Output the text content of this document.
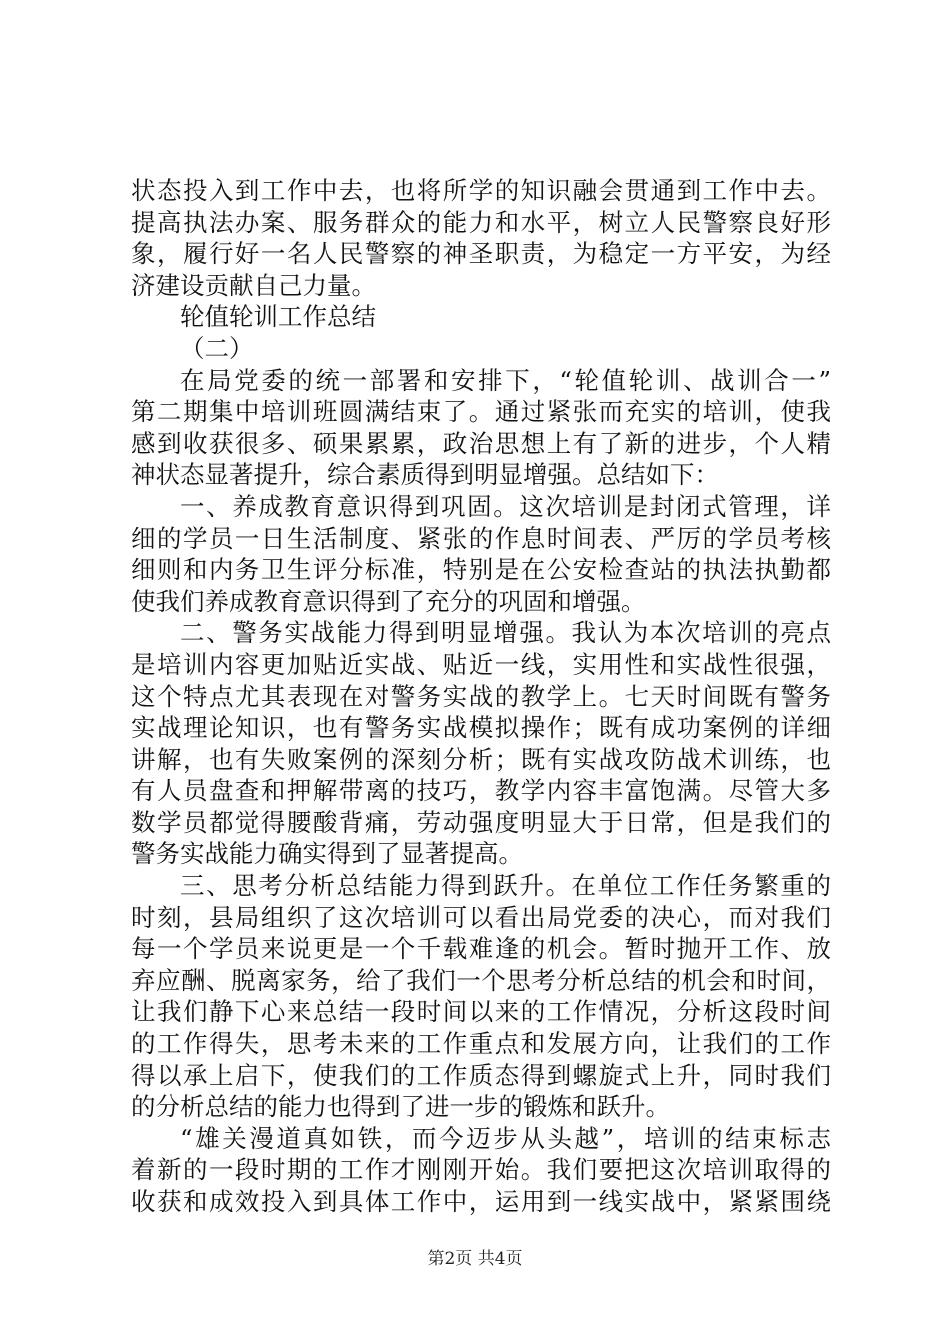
状态投入到工作中去，也将所学的知识融会贯通到工作中去。
提高执法办案、服务群众的能力和水平，树立人民警察良好形
象，履行好一名人民警察的神圣职责，为稳定一方平安，为经
济建设贡献自己力量。
轮值轮训工作总结
（二）
在局党委的统一部署和安排下，“轮值轮训、战训合一”
第二期集中培训班圆满结束了。通过紧张而充实的培训，使我
感到收获很多、硕果累累，政治思想上有了新的进步，个人精
神状态显著提升，综合素质得到明显增强。总结如下：
一、养成教育意识得到巩固。这次培训是封闭式管理，详
细的学员一日生活制度、紧张的作息时间表、严厉的学员考核
细则和内务卫生评分标准，特别是在公安检查站的执法执勤都
使我们养成教育意识得到了充分的巩固和增强。
二、警务实战能力得到明显增强。我认为本次培训的亮点
是培训内容更加贴近实战、贴近一线，实用性和实战性很强，
这个特点尤其表现在对警务实战的教学上。七天时间既有警务
实战理论知识，也有警务实战模拟操作；既有成功案例的详细
讲解，也有失败案例的深刻分析；既有实战攻防战术训练，也
有人员盘查和押解带离的技巧，教学内容丰富饱满。尽管大多
数学员都觉得腰酸背痛，劳动强度明显大于日常，但是我们的
警务实战能力确实得到了显著提高。
三、思考分析总结能力得到跃升。在单位工作任务繁重的
时刻，县局组织了这次培训可以看出局党委的决心，而对我们
每一个学员来说更是一个千载难逢的机会。暂时抛开工作、放
弃应酬、脱离家务，给了我们一个思考分析总结的机会和时间，
让我们静下心来总结一段时间以来的工作情况，分析这段时间
的工作得失，思考未来的工作重点和发展方向，让我们的工作
得以承上启下，使我们的工作质态得到螺旋式上升，同时我们
的分析总结的能力也得到了进一步的锻炼和跃升。
“雄关漫道真如铁，而今迈步从头越”，培训的结束标志
着新的一段时期的工作才刚刚开始。我们要把这次培训取得的
收获和成效投入到具体工作中，运用到一线实战中，紧紧围绕
第2页 共4页
